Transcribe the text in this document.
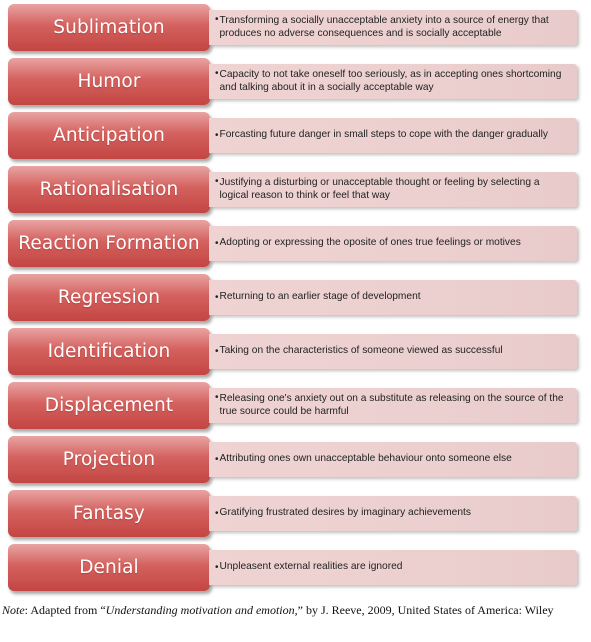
Sublimation	• Transforming a socially unacceptable anxiety into a source of energy that produces no adverse consequences and is socially acceptable
Humor	• Capacity to not take oneself too seriously, as in accepting ones shortcoming and talking about it in a socially acceptable way
Anticipation	• Forcasting future danger in small steps to cope with the danger gradually
Rationalisation	• Justifying a disturbing or unacceptable thought or feeling by selecting a logical reason to think or feel that way
Reaction Formation • Adopting or expressing the oposite of ones true feelings or motives
Regression	• Returning to an earlier stage of development
Identification	• Taking on the characteristics of someone viewed as successful
Displacement	• Releasing one's anxiety out on a substitute as releasing on the source of the true source could be harmful
Projection	• Attributing ones own unacceptable behaviour onto someone else
Fantasy	• Gratifying frustrated desires by imaginary achievements
Denial	• Unpleasent external realities are ignored
Note: Adapted from “Understanding motivation and emotion,” by J. Reeve, 2009, United States of America: Wiley
